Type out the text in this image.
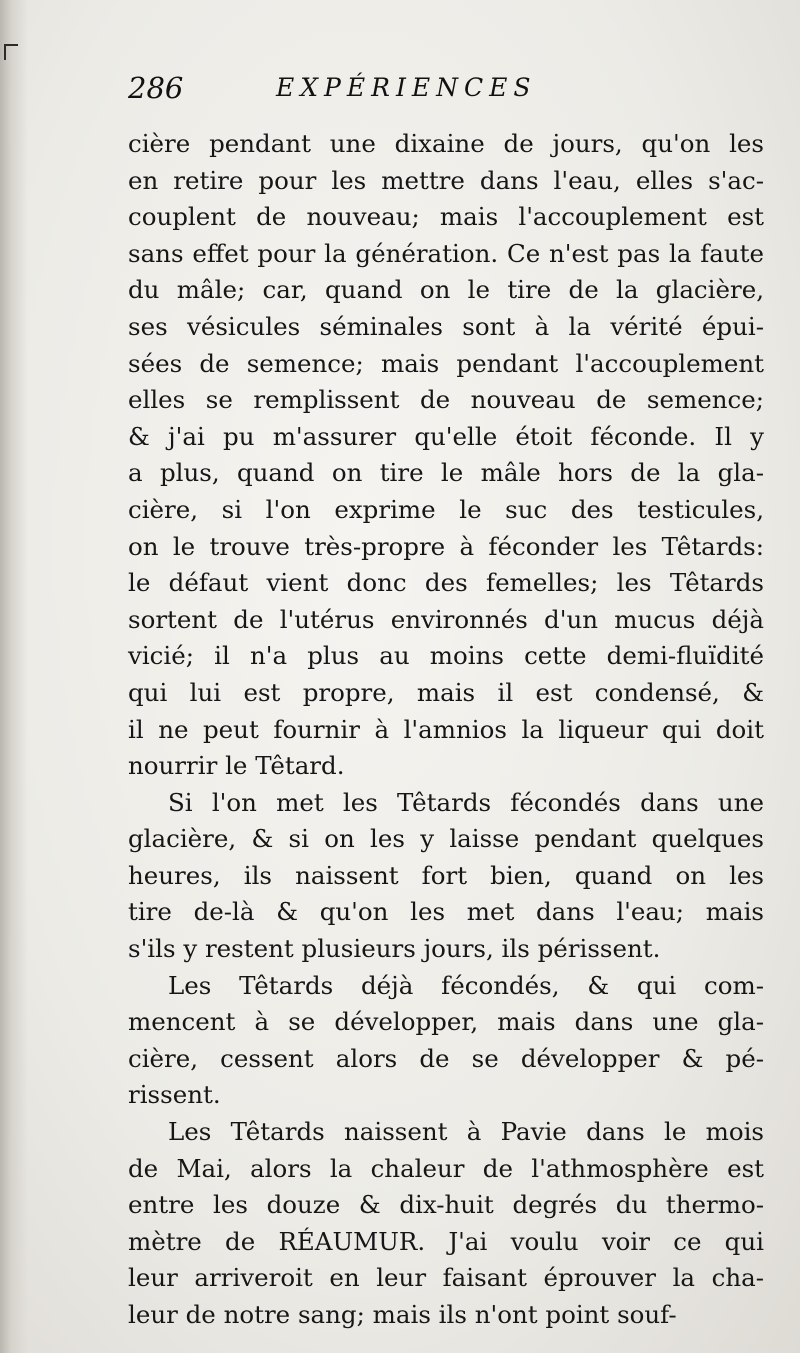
286	EXPÉRIENCES
cière pendant une dixaine de jours, qu'on les
en retire pour les mettre dans l'eau, elles s'ac-
couplent de nouveau; mais l'accouplement est
sans effet pour la génération. Ce n'est pas la faute
du mâle; car, quand on le tire de la glacière,
ses vésicules séminales sont à la vérité épui-
sées de semence; mais pendant l'accouplement
elles se remplissent de nouveau de semence;
& j'ai pu m'assurer qu'elle étoit féconde. Il y
a plus, quand on tire le mâle hors de la gla-
cière, si l'on exprime le suc des testicules,
on le trouve très-propre à féconder les Têtards:
le défaut vient donc des femelles; les Têtards
sortent de l'utérus environnés d'un mucus déjà
vicié; il n'a plus au moins cette demi-fluïdité
qui lui est propre, mais il est condensé, &
il ne peut fournir à l'amnios la liqueur qui doit
nourrir le Têtard.
Si l'on met les Têtards fécondés dans une
glacière, & si on les y laisse pendant quelques
heures, ils naissent fort bien, quand on les
tire de-là & qu'on les met dans l'eau; mais
s'ils y restent plusieurs jours, ils périssent.
Les Têtards déjà fécondés, & qui com-
mencent à se développer, mais dans une gla-
cière, cessent alors de se développer & pé-
rissent.
Les Têtards naissent à Pavie dans le mois
de Mai, alors la chaleur de l'athmosphère est
entre les douze & dix-huit degrés du thermo-
mètre de RÉAUMUR. J'ai voulu voir ce qui
leur arriveroit en leur faisant éprouver la cha-
leur de notre sang; mais ils n'ont point souf-
